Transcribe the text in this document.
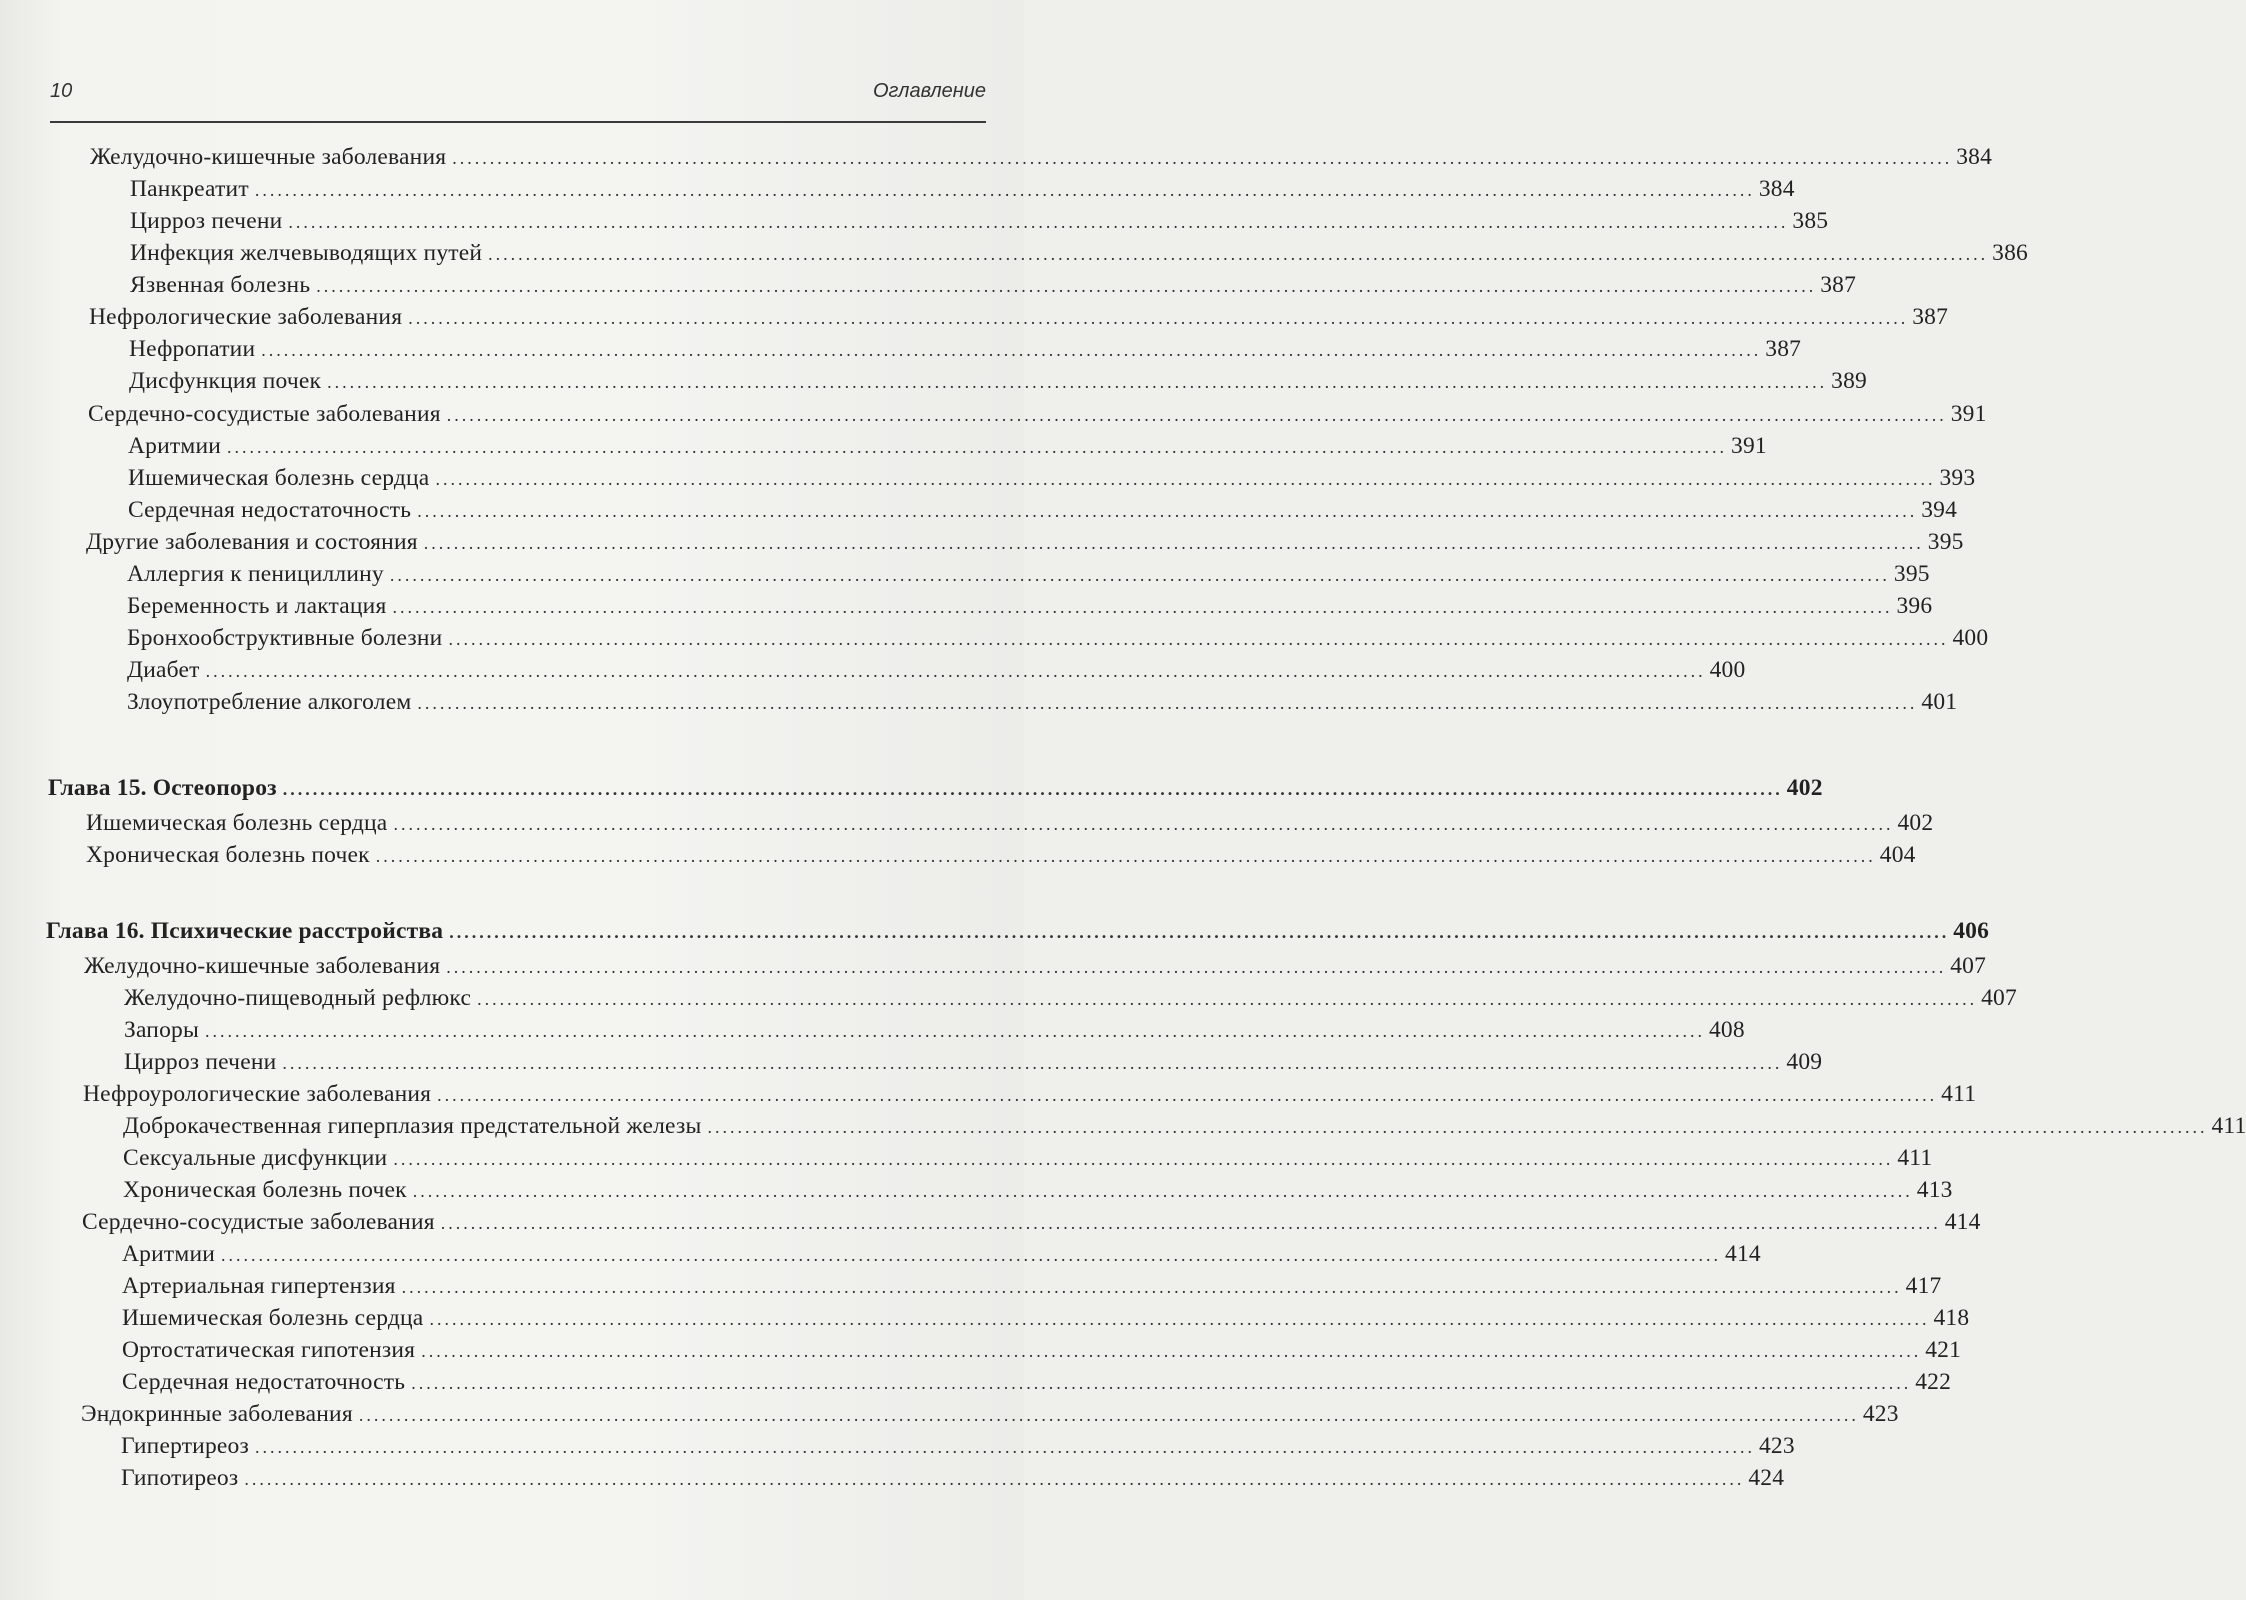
10	Оглавление
Желудочно-кишечные заболевания ........................................................................................................................................................................................................ 384
Панкреатит ........................................................................................................................................................................................................ 384
Цирроз печени ........................................................................................................................................................................................................ 385
Инфекция желчевыводящих путей ........................................................................................................................................................................................................ 386
Язвенная болезнь ........................................................................................................................................................................................................ 387
Нефрологические заболевания ........................................................................................................................................................................................................ 387
Нефропатии ........................................................................................................................................................................................................ 387
Дисфункция почек ........................................................................................................................................................................................................ 389
Сердечно-сосудистые заболевания ........................................................................................................................................................................................................ 391
Аритмии ........................................................................................................................................................................................................ 391
Ишемическая болезнь сердца ........................................................................................................................................................................................................ 393
Сердечная недостаточность ........................................................................................................................................................................................................ 394
Другие заболевания и состояния ........................................................................................................................................................................................................ 395
Аллергия к пенициллину ........................................................................................................................................................................................................ 395
Беременность и лактация ........................................................................................................................................................................................................ 396
Бронхообструктивные болезни ........................................................................................................................................................................................................ 400
Диабет ........................................................................................................................................................................................................ 400
Злоупотребление алкоголем ........................................................................................................................................................................................................ 401
Глава 15. Остеопороз ........................................................................................................................................................................................................ 402
Ишемическая болезнь сердца ........................................................................................................................................................................................................ 402
Хроническая болезнь почек ........................................................................................................................................................................................................ 404
Глава 16. Психические расстройства ........................................................................................................................................................................................................ 406
Желудочно-кишечные заболевания ........................................................................................................................................................................................................ 407
Желудочно-пищеводный рефлюкс ........................................................................................................................................................................................................ 407
Запоры ........................................................................................................................................................................................................ 408
Цирроз печени ........................................................................................................................................................................................................ 409
Нефроурологические заболевания ........................................................................................................................................................................................................ 411
Доброкачественная гиперплазия предстательной железы ........................................................................................................................................................................................................ 411
Сексуальные дисфункции ........................................................................................................................................................................................................ 411
Хроническая болезнь почек ........................................................................................................................................................................................................ 413
Сердечно-сосудистые заболевания ........................................................................................................................................................................................................ 414
Аритмии ........................................................................................................................................................................................................ 414
Артериальная гипертензия ........................................................................................................................................................................................................ 417
Ишемическая болезнь сердца ........................................................................................................................................................................................................ 418
Ортостатическая гипотензия ........................................................................................................................................................................................................ 421
Сердечная недостаточность ........................................................................................................................................................................................................ 422
Эндокринные заболевания ........................................................................................................................................................................................................ 423
Гипертиреоз ........................................................................................................................................................................................................ 423
Гипотиреоз ........................................................................................................................................................................................................ 424
